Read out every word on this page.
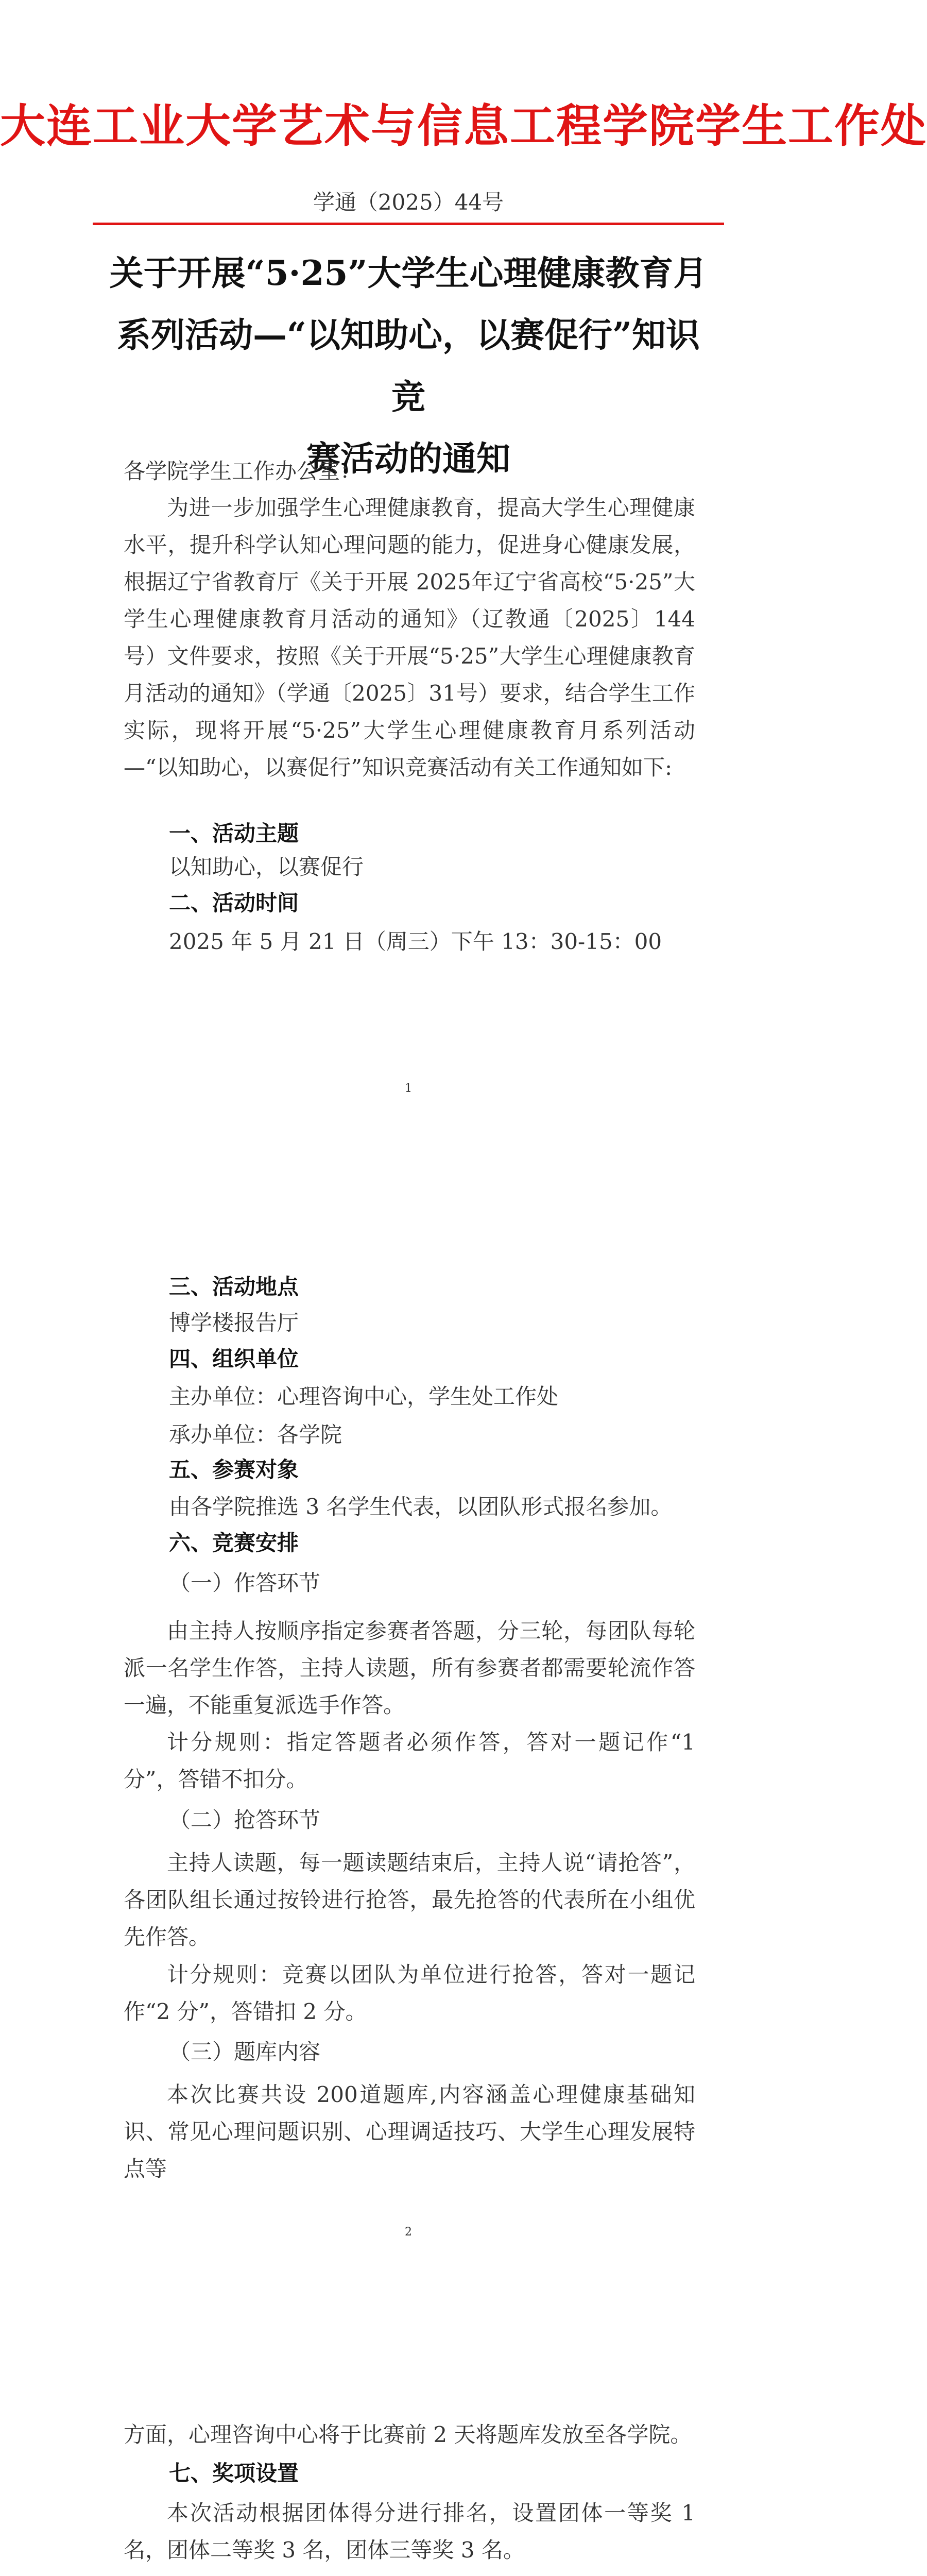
大连工业大学艺术与信息工程学院学生工作处
学通（2025）44号
关于开展“5·25”大学生心理健康教育月
系列活动—“以知助心，以赛促行”知识竞
赛活动的通知
各学院学生工作办公室：
为进一步加强学生心理健康教育，提高大学生心理健康水平，提升科学认知心理问题的能力，促进身心健康发展，根据辽宁省教育厅《关于开展 2025年辽宁省高校“5·25”大学生心理健康教育月活动的通知》（辽教通〔2025〕144号）文件要求，按照《关于开展“5·25”大学生心理健康教育月活动的通知》（学通〔2025〕31号）要求，结合学生工作实际，现将开展“5·25”大学生心理健康教育月系列活动—“以知助心，以赛促行”知识竞赛活动有关工作通知如下:
一、活动主题
以知助心，以赛促行
二、活动时间
2025 年 5 月 21 日（周三）下午 13：30-15：00
1
三、活动地点
博学楼报告厅
四、组织单位
主办单位：心理咨询中心，学生处工作处
承办单位：各学院
五、参赛对象
由各学院推选 3 名学生代表，以团队形式报名参加。
六、竞赛安排
（一）作答环节
由主持人按顺序指定参赛者答题，分三轮，每团队每轮派一名学生作答，主持人读题，所有参赛者都需要轮流作答一遍，不能重复派选手作答。
计分规则：指定答题者必须作答，答对一题记作“1 分”，答错不扣分。
（二）抢答环节
主持人读题，每一题读题结束后，主持人说“请抢答”，各团队组长通过按铃进行抢答，最先抢答的代表所在小组优先作答。
计分规则：竞赛以团队为单位进行抢答，答对一题记作“2 分”，答错扣 2 分。
（三）题库内容
本次比赛共设 200道题库,内容涵盖心理健康基础知识、常见心理问题识别、心理调适技巧、大学生心理发展特点等
2
方面，心理咨询中心将于比赛前 2 天将题库发放至各学院。
七、奖项设置
本次活动根据团体得分进行排名，设置团体一等奖 1 名，团体二等奖 3 名，团体三等奖 3 名。
